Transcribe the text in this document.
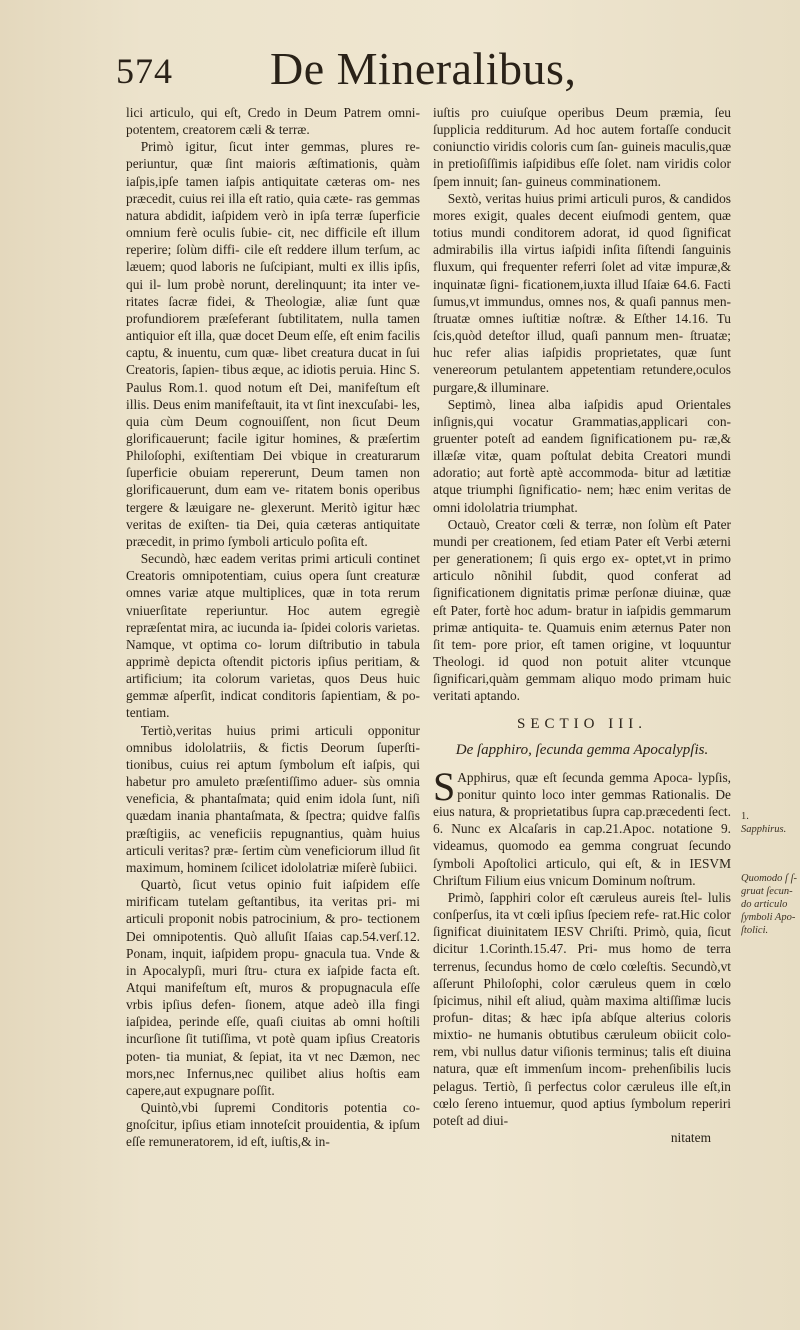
574 De Mineralibus,

lici articulo, qui eſt, Credo in Deum Patrem omni- potentem, creatorem cæli & terræ.

Primò igitur, ſicut inter gemmas, plures re- periuntur, quæ ſint maioris æſtimationis, quàm iaſpis,ipſe tamen iaſpis antiquitate cæteras om- nes præcedit, cuius rei illa eſt ratio, quia cæte- ras gemmas natura abdidit, iaſpidem verò in ipſa terræ ſuperficie omnium ferè oculis ſubie- cit, nec difficile eſt illum reperire; ſolùm diffi- cile eſt reddere illum terſum, ac læuem; quod laboris ne ſuſcipiant, multi ex illis ipſis, qui il- lum probè norunt, derelinquunt; ita inter ve- ritates ſacræ fidei, & Theologiæ, aliæ ſunt quæ profundiorem præſeferant ſubtilitatem, nulla tamen antiquior eſt illa, quæ docet Deum eſſe, eſt enim facilis captu, & inuentu, cum quæ- libet creatura ducat in ſui Creatoris, ſapien- tibus æque, ac idiotis peruia. Hinc S. Paulus Rom.1. quod notum eſt Dei, manifeſtum eſt illis. Deus enim manifeſtauit, ita vt ſint inexcuſabi- les, quia cùm Deum cognouiſſent, non ſicut Deum glorificauerunt; facile igitur homines, & præſertim Philoſophi, exiſtentiam Dei vbique in creaturarum ſuperficie obuiam repererunt, Deum tamen non glorificauerunt, dum eam ve- ritatem bonis operibus tergere & læuigare ne- glexerunt. Meritò igitur hæc veritas de exiſten- tia Dei, quia cæteras antiquitate præcedit, in primo ſymboli articulo poſita eſt.

Secundò, hæc eadem veritas primi articuli continet Creatoris omnipotentiam, cuius opera ſunt creaturæ omnes variæ atque multiplices, quæ in tota rerum vniuerſitate reperiuntur. Hoc autem egregiè repræſentat mira, ac iucunda ia- ſpidei coloris varietas. Namque, vt optima co- lorum diſtributio in tabula apprimè depicta oſtendit pictoris ipſius peritiam, & artificium; ita colorum varietas, quos Deus huic gemmæ aſperſit, indicat conditoris ſapientiam, & po- tentiam.

Tertiò,veritas huius primi articuli opponitur omnibus idololatriis, & fictis Deorum ſuperſti- tionibus, cuius rei aptum ſymbolum eſt iaſpis, qui habetur pro amuleto præſentiſſimo aduer- sùs omnia veneficia, & phantaſmata; quid enim idola ſunt, niſi quædam inania phantaſmata, & ſpectra; quidve falſis præſtigiis, ac veneficiis repugnantius, quàm huius articuli veritas? præ- ſertim cùm veneficiorum illud ſit maximum, hominem ſcilicet idololatriæ miſerè ſubiici.

Quartò, ſicut vetus opinio fuit iaſpidem eſſe mirificam tutelam geſtantibus, ita veritas pri- mi articuli proponit nobis patrocinium, & pro- tectionem Dei omnipotentis. Quò alluſit Iſaias cap.54.verſ.12. Ponam, inquit, iaſpidem propu- gnacula tua. Vnde & in Apocalypſi, muri ſtru- ctura ex iaſpide facta eſt. Atqui manifeſtum eſt, muros & propugnacula eſſe vrbis ipſius defen- ſionem, atque adeò illa fingi iaſpidea, perinde eſſe, quaſi ciuitas ab omni hoſtili incurſione ſit tutiſſima, vt potè quam ipſius Creatoris poten- tia muniat, & ſepiat, ita vt nec Dæmon, nec mors,nec Infernus,nec quilibet alius hoſtis eam capere,aut expugnare poſſit.

Quintò,vbi ſupremi Conditoris potentia co- gnoſcitur, ipſius etiam innoteſcit prouidentia, & ipſum eſſe remuneratorem, id eſt, iuſtis,& in-

iuſtis pro cuiuſque operibus Deum præmia, ſeu ſupplicia redditurum. Ad hoc autem fortaſſe conducit coniunctio viridis coloris cum ſan- guineis maculis,quæ in pretioſiſſimis iaſpidibus eſſe ſolet. nam viridis color ſpem innuit; ſan- guineus comminationem.

Sextò, veritas huius primi articuli puros, & candidos mores exigit, quales decent eiuſmodi gentem, quæ totius mundi conditorem adorat, id quod ſignificat admirabilis illa virtus iaſpidi inſita ſiſtendi ſanguinis fluxum, qui frequenter referri ſolet ad vitæ impuræ,& inquinatæ ſigni- ficationem,iuxta illud Iſaiæ 64.6. Facti ſumus,vt immundus, omnes nos, & quaſi pannus men- ſtruatæ omnes iuſtitiæ noſtræ. & Eſther 14.16. Tu ſcis,quòd deteſtor illud, quaſi pannum men- ſtruatæ; huc refer alias iaſpidis proprietates, quæ ſunt venereorum petulantem appetentiam retundere,oculos purgare,& illuminare.

Septimò, linea alba iaſpidis apud Orientales inſignis,qui vocatur Grammatias,applicari con- gruenter poteſt ad eandem ſignificationem pu- ræ,& illæſæ vitæ, quam poſtulat debita Creatori mundi adoratio; aut fortè aptè accommoda- bitur ad lætitiæ atque triumphi ſignificatio- nem; hæc enim veritas de omni idololatria triumphat.

Octauò, Creator cœli & terræ, non ſolùm eſt Pater mundi per creationem, ſed etiam Pater eſt Verbi æterni per generationem; ſi quis ergo ex- optet,vt in primo articulo nõnihil ſubdit, quod conferat ad ſignificationem dignitatis primæ perſonæ diuinæ, quæ eſt Pater, fortè hoc adum- bratur in iaſpidis gemmarum primæ antiquita- te. Quamuis enim æternus Pater non ſit tem- pore prior, eſt tamen origine, vt loquuntur Theologi. id quod non potuit aliter vtcunque ſignificari,quàm gemmam aliquo modo primam huic veritati aptando.

SECTIO III.

De ſapphiro, ſecunda gemma Apocalypſis.

S Apphirus, quæ eſt ſecunda gemma Apoca- lypſis, ponitur quinto loco inter gemmas Rationalis. De eius natura, & proprietatibus ſupra cap.præcedenti ſect. 6. Nunc ex Alcaſaris in cap.21.Apoc. notatione 9. videamus, quomodo ea gemma congruat ſecundo ſymboli Apoſtolici articulo, qui eſt, & in IESVM Chriſtum Filium eius vnicum Dominum noſtrum.

Primò, ſapphiri color eſt cæruleus aureis ſtel- lulis conſperſus, ita vt cœli ipſius ſpeciem refe- rat.Hic color ſignificat diuinitatem IESV Chriſti. Primò, quia, ſicut dicitur 1.Corinth.15.47. Pri- mus homo de terra terrenus, ſecundus homo de cœlo cœleſtis. Secundò,vt aſſerunt Philoſophi, color cæruleus quem in cœlo ſpicimus, nihil eſt aliud, quàm maxima altiſſimæ lucis profun- ditas; & hæc ipſa abſque alterius coloris mixtio- ne humanis obtutibus cæruleum obiicit colo- rem, vbi nullus datur viſionis terminus; talis eſt diuina natura, quæ eſt immenſum incom- prehenſibilis lucis pelagus. Tertiò, ſi perfectus color cæruleus ille eſt,in cœlo ſereno intuemur, quod aptius ſymbolum reperiri poteſt ad diui-

nitatem

1.
Sapphirus.
Quomodo ſ ſ- gruat ſecun- do articulo ſymboli Apo- ſtolici.
